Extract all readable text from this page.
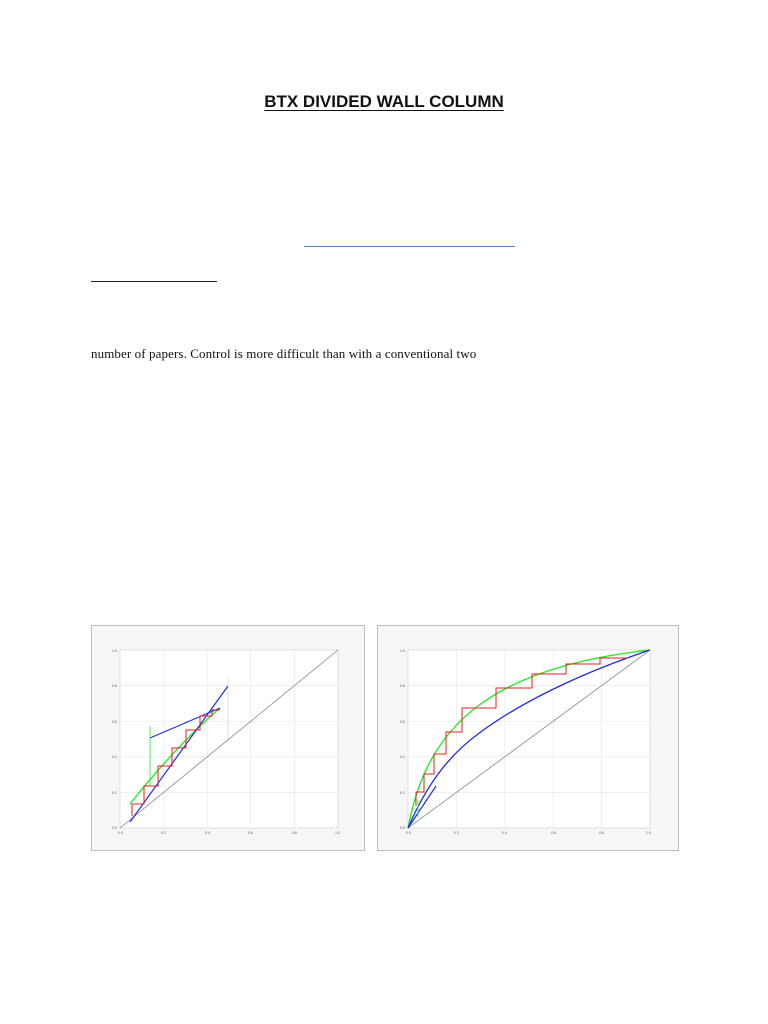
BTX DIVIDED WALL COLUMN
number of papers. Control is more difficult than with a conventional two
0.0	0.2	0.4	0.6	0.8	1.0
0.0
0.2
0.4
0.6
0.8
1.0
0.0	0.2	0.4	0.6	0.8	1.0
0.0
0.2
0.4
0.6
0.8
1.0
